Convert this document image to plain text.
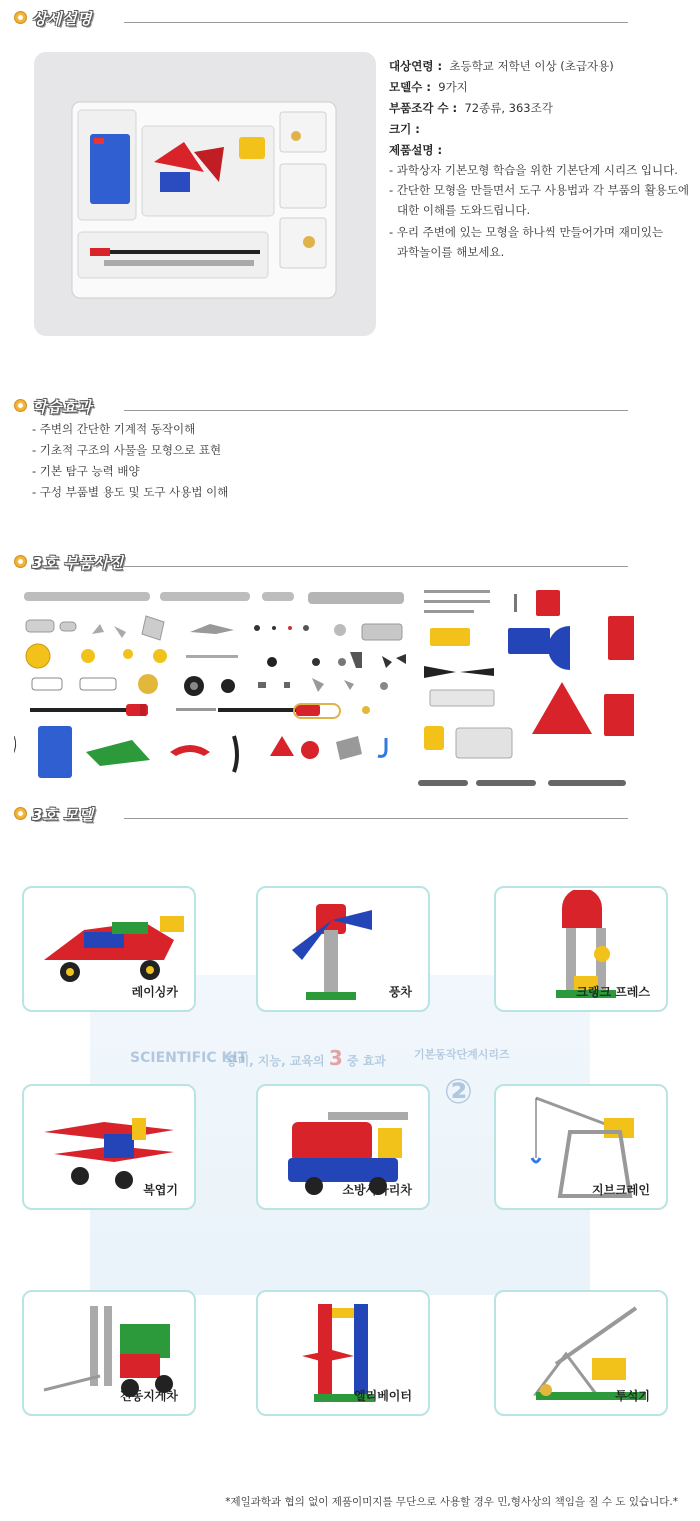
상세설명
대상연령 : 초등학교 저학년 이상 (초급자용)
모델수 : 9가지
부품조각 수 : 72종류, 363조각
크기 :
제품설명 :
- 과학상자 기본모형 학습을 위한 기본단계 시리즈 입니다.
- 간단한 모형을 만들면서 도구 사용법과 각 부품의 활용도에
대한 이해를 도와드립니다.
- 우리 주변에 있는 모형을 하나씩 만들어가며 재미있는
과학놀이를 해보세요.
학습효과
- 주변의 간단한 기계적 동작이해
- 기초적 구조의 사물을 모형으로 표현
- 기본 탐구 능력 배양
- 구성 부품별 용도 및 도구 사용법 이해
3호 부품사진
3호 모델
SCIENTIFIC KIT
흥미, 지능, 교육의 3 중 효과	기본동작단계시리즈
②
레이싱카	풍차	크랭크 프레스
복엽기	소방사다리차	지브크레인
전동지게차	엘리베이터	투석기
*제일과학과 협의 없이 제품이미지를 무단으로 사용할 경우 민,형사상의 책임을 질 수 도 있습니다.*
